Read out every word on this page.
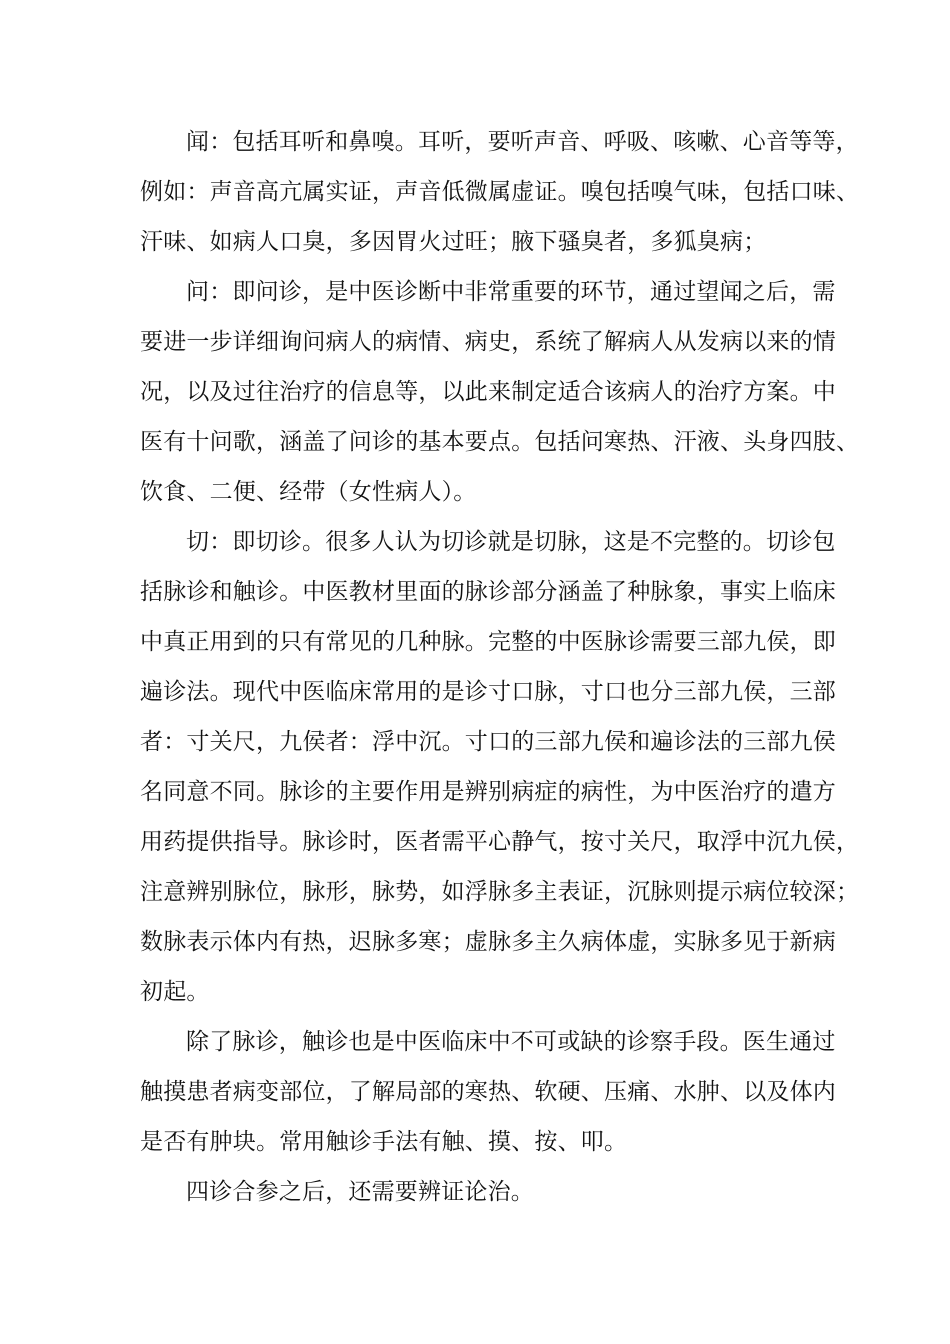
闻：包括耳听和鼻嗅。耳听，要听声音、呼吸、咳嗽、心音等等，
例如：声音高亢属实证，声音低微属虚证。嗅包括嗅气味，包括口味、
汗味、如病人口臭，多因胃火过旺；腋下骚臭者，多狐臭病；
问：即问诊，是中医诊断中非常重要的环节，通过望闻之后，需
要进一步详细询问病人的病情、病史，系统了解病人从发病以来的情
况，以及过往治疗的信息等，以此来制定适合该病人的治疗方案。中
医有十问歌，涵盖了问诊的基本要点。包括问寒热、汗液、头身四肢、
饮食、二便、经带（女性病人）。
切：即切诊。很多人认为切诊就是切脉，这是不完整的。切诊包
括脉诊和触诊。中医教材里面的脉诊部分涵盖了种脉象，事实上临床
中真正用到的只有常见的几种脉。完整的中医脉诊需要三部九侯，即
遍诊法。现代中医临床常用的是诊寸口脉，寸口也分三部九侯，三部
者：寸关尺，九侯者：浮中沉。寸口的三部九侯和遍诊法的三部九侯
名同意不同。脉诊的主要作用是辨别病症的病性，为中医治疗的遣方
用药提供指导。脉诊时，医者需平心静气，按寸关尺，取浮中沉九侯，
注意辨别脉位，脉形，脉势，如浮脉多主表证，沉脉则提示病位较深；
数脉表示体内有热，迟脉多寒；虚脉多主久病体虚，实脉多见于新病
初起。
除了脉诊，触诊也是中医临床中不可或缺的诊察手段。医生通过
触摸患者病变部位，了解局部的寒热、软硬、压痛、水肿、以及体内
是否有肿块。常用触诊手法有触、摸、按、叩。
四诊合参之后，还需要辨证论治。
